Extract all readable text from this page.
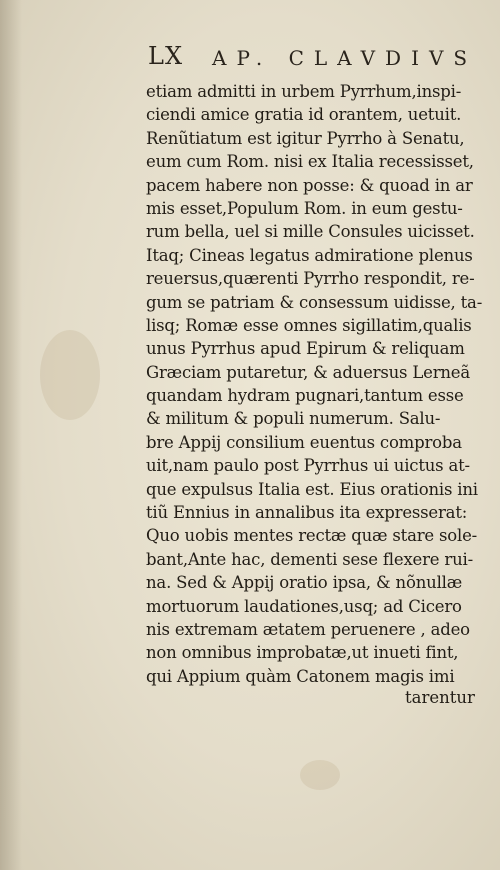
LX AP. CLAVDIVS
etiam admitti in urbem Pyrrhum,inspi‑
ciendi amice gratia id orantem, uetuit.
Renũtiatum est igitur Pyrrho à Senatu,
eum cum Rom. nisi ex Italia recessisset,
pacem habere non posse: & quoad in ar
mis esset,Populum Rom. in eum gestu‑
rum bella, uel si mille Consules uicisset.
Itaq; Cineas legatus admiratione plenus
reuersus,quærenti Pyrrho respondit, re‑
gum se patriam & consessum uidisse, ta‑
lisq; Romæ esse omnes sigillatim,qualis
unus Pyrrhus apud Epirum & reliquam
Græciam putaretur, & aduersus Lerneã
quandam hydram pugnari,tantum esse
& militum & populi numerum. Salu‑
bre Appij consilium euentus comproba
uit,nam paulo post Pyrrhus ui uictus at‑
que expulsus Italia est. Eius orationis ini
tiũ Ennius in annalibus ita expresserat:
Quo uobis mentes rectæ quæ stare sole‑
bant,Ante hac, dementi sese flexere rui‑
na. Sed & Appij oratio ipsa, & nõnullæ
mortuorum laudationes,usq; ad Cicero
nis extremam ætatem peruenere , adeo
non omnibus improbatæ,ut inueti fint,
qui Appium quàm Catonem magis imi
tarentur
